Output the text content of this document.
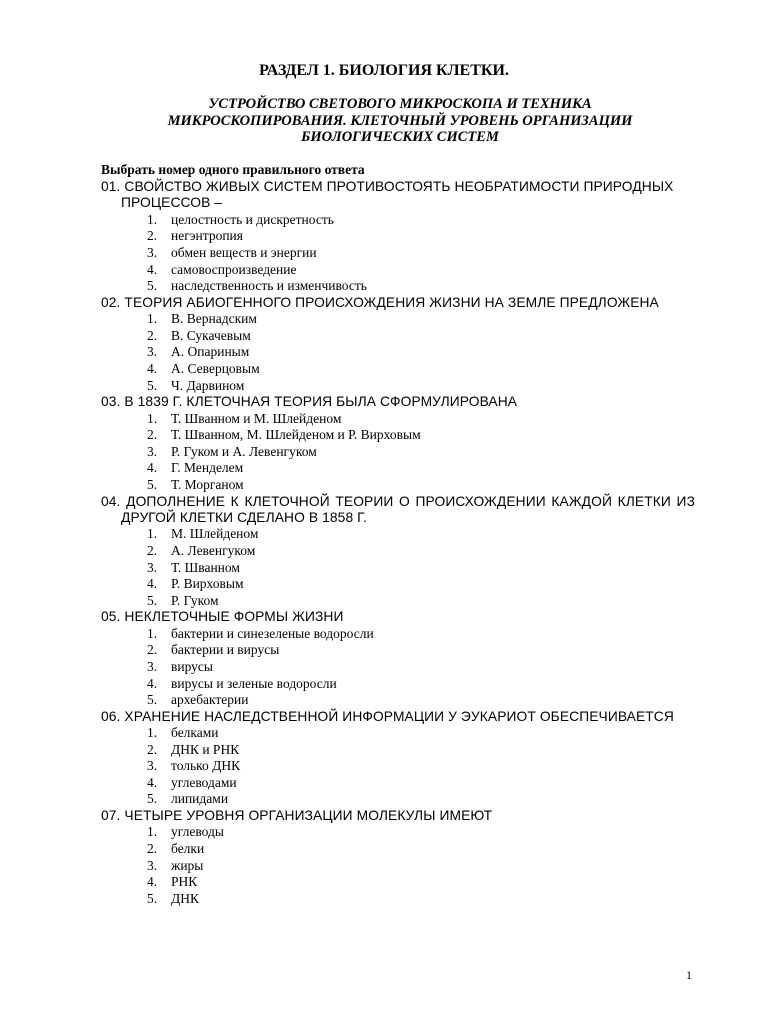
РАЗДЕЛ 1. БИОЛОГИЯ КЛЕТКИ.
УСТРОЙСТВО СВЕТОВОГО МИКРОСКОПА И ТЕХНИКА МИКРОСКОПИРОВАНИЯ. КЛЕТОЧНЫЙ УРОВЕНЬ ОРГАНИЗАЦИИ БИОЛОГИЧЕСКИХ СИСТЕМ
Выбрать номер одного правильного ответа
01. СВОЙСТВО ЖИВЫХ СИСТЕМ ПРОТИВОСТОЯТЬ НЕОБРАТИМОСТИ ПРИРОДНЫХ ПРОЦЕССОВ –
1. целостность и дискретность
2. негэнтропия
3. обмен веществ и энергии
4. самовоспроизведение
5. наследственность и изменчивость
02. ТЕОРИЯ АБИОГЕННОГО ПРОИСХОЖДЕНИЯ ЖИЗНИ НА ЗЕМЛЕ ПРЕДЛОЖЕНА
1. В. Вернадским
2. В. Сукачевым
3. А. Опариным
4. А. Северцовым
5. Ч. Дарвином
03. В 1839 Г. КЛЕТОЧНАЯ ТЕОРИЯ БЫЛА СФОРМУЛИРОВАНА
1. Т. Шванном и М. Шлейденом
2. Т. Шванном, М. Шлейденом и Р. Вирховым
3. Р. Гуком и А. Левенгуком
4. Г. Менделем
5. Т. Морганом
04. ДОПОЛНЕНИЕ К КЛЕТОЧНОЙ ТЕОРИИ О ПРОИСХОЖДЕНИИ КАЖДОЙ КЛЕТКИ ИЗ ДРУГОЙ КЛЕТКИ СДЕЛАНО В 1858 Г.
1. М. Шлейденом
2. А. Левенгуком
3. Т. Шванном
4. Р. Вирховым
5. Р. Гуком
05. НЕКЛЕТОЧНЫЕ ФОРМЫ ЖИЗНИ
1. бактерии и синезеленые водоросли
2. бактерии и вирусы
3. вирусы
4. вирусы и зеленые водоросли
5. архебактерии
06. ХРАНЕНИЕ НАСЛЕДСТВЕННОЙ ИНФОРМАЦИИ У ЭУКАРИОТ ОБЕСПЕЧИВАЕТСЯ
1. белками
2. ДНК и РНК
3. только ДНК
4. углеводами
5. липидами
07. ЧЕТЫРЕ УРОВНЯ ОРГАНИЗАЦИИ МОЛЕКУЛЫ ИМЕЮТ
1. углеводы
2. белки
3. жиры
4. РНК
5. ДНК
1
